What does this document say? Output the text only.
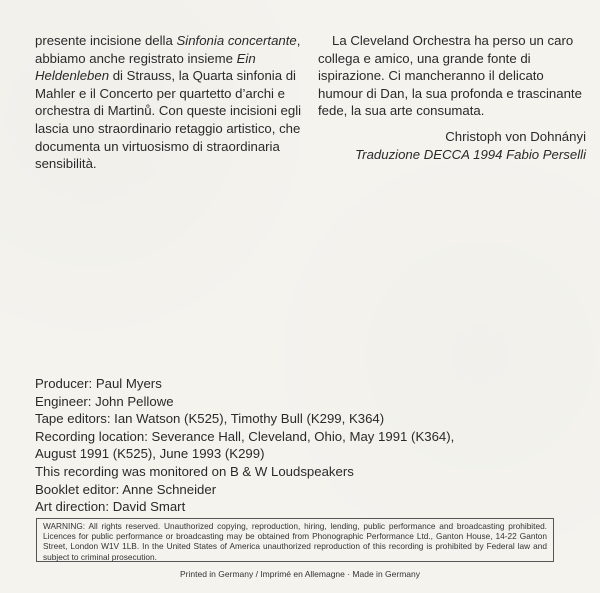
presente incisione della Sinfonia concertante, abbiamo anche registrato insieme Ein Heldenleben di Strauss, la Quarta sinfonia di Mahler e il Concerto per quartetto d’archi e orchestra di Martinů. Con queste incisioni egli lascia uno straordinario retaggio artistico, che documenta un virtuosismo di straordinaria sensibilità.

La Cleveland Orchestra ha perso un caro collega e amico, una grande fonte di ispirazione. Ci mancheranno il delicato humour di Dan, la sua profonda e trascinante fede, la sua arte consumata.

Christoph von Dohnányi
Traduzione DECCA 1994 Fabio Perselli
Producer: Paul Myers
Engineer: John Pellowe
Tape editors: Ian Watson (K525), Timothy Bull (K299, K364)
Recording location: Severance Hall, Cleveland, Ohio, May 1991 (K364),
August 1991 (K525), June 1993 (K299)
This recording was monitored on B & W Loudspeakers
Booklet editor: Anne Schneider
Art direction: David Smart
WARNING: All rights reserved. Unauthorized copying, reproduction, hiring, lending, public performance and broadcasting prohibited. Licences for public performance or broadcasting may be obtained from Phonographic Performance Ltd., Ganton House, 14-22 Ganton Street, London W1V 1LB. In the United States of America unauthorized reproduction of this recording is prohibited by Federal law and subject to criminal prosecution.
Printed in Germany / Imprimé en Allemagne · Made in Germany
